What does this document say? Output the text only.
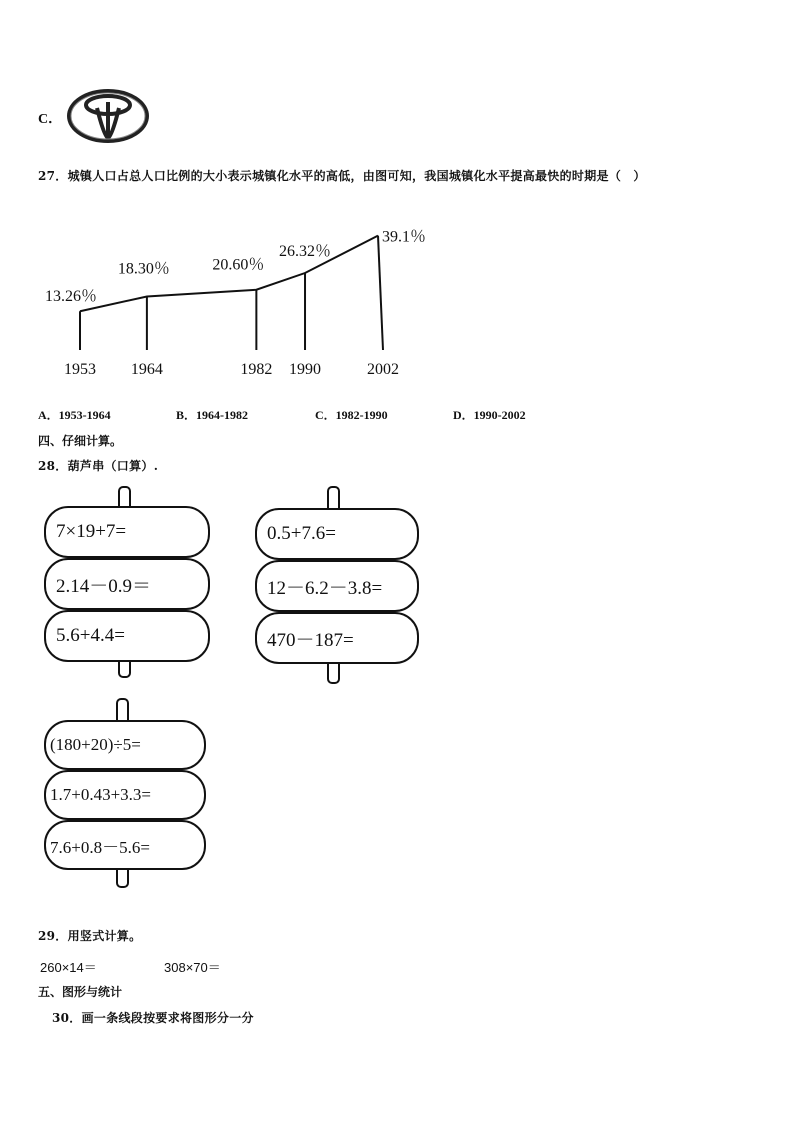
C．
27．城镇人口占总人口比例的大小表示城镇化水平的高低，由图可知，我国城镇化水平提高最快的时期是（　）
13.26％
18.30％	20.60％
26.32％
39.1％
1953 1964	1982 1990	2002
A．1953-1964	B．1964-1982	C．1982-1990	D．1990-2002
四、仔细计算。
28．葫芦串（口算）.
7×19+7=
2.14－0.9＝
5.6+4.4=
0.5+7.6=
12－6.2－3.8=
470－187=
(180+20)÷5=
1.7+0.43+3.3=
7.6+0.8－5.6=
29．用竖式计算。
260×14＝	308×70＝
五、图形与统计
30．画一条线段按要求将图形分一分
